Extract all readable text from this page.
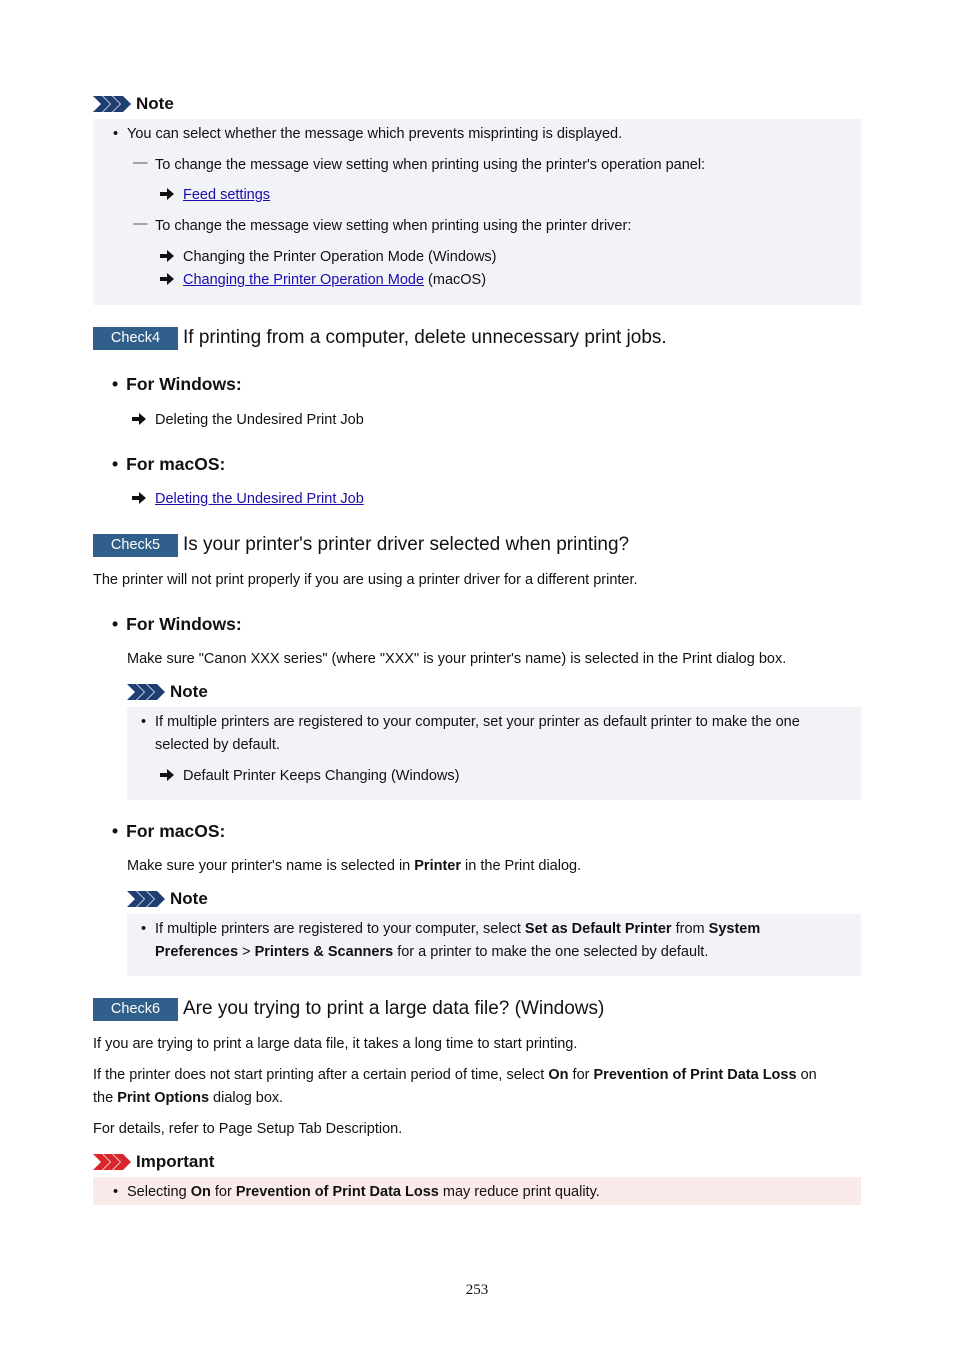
Note
• You can select whether the message which prevents misprinting is displayed.
— To change the message view setting when printing using the printer's operation panel:
Feed settings
— To change the message view setting when printing using the printer driver:
Changing the Printer Operation Mode (Windows)
Changing the Printer Operation Mode (macOS)
Check4	If printing from a computer, delete unnecessary print jobs.
• For Windows:
Deleting the Undesired Print Job
• For macOS:
Deleting the Undesired Print Job
Check5	Is your printer's printer driver selected when printing?
The printer will not print properly if you are using a printer driver for a different printer.
• For Windows:
Make sure "Canon XXX series" (where "XXX" is your printer's name) is selected in the Print dialog box.
Note
• If multiple printers are registered to your computer, set your printer as default printer to make the one
selected by default.
Default Printer Keeps Changing (Windows)
• For macOS:
Make sure your printer's name is selected in Printer in the Print dialog.
Note
• If multiple printers are registered to your computer, select Set as Default Printer from System
Preferences > Printers & Scanners for a printer to make the one selected by default.
Check6	Are you trying to print a large data file? (Windows)
If you are trying to print a large data file, it takes a long time to start printing.
If the printer does not start printing after a certain period of time, select On for Prevention of Print Data Loss on
the Print Options dialog box.
For details, refer to Page Setup Tab Description.
Important
• Selecting On for Prevention of Print Data Loss may reduce print quality.
253
